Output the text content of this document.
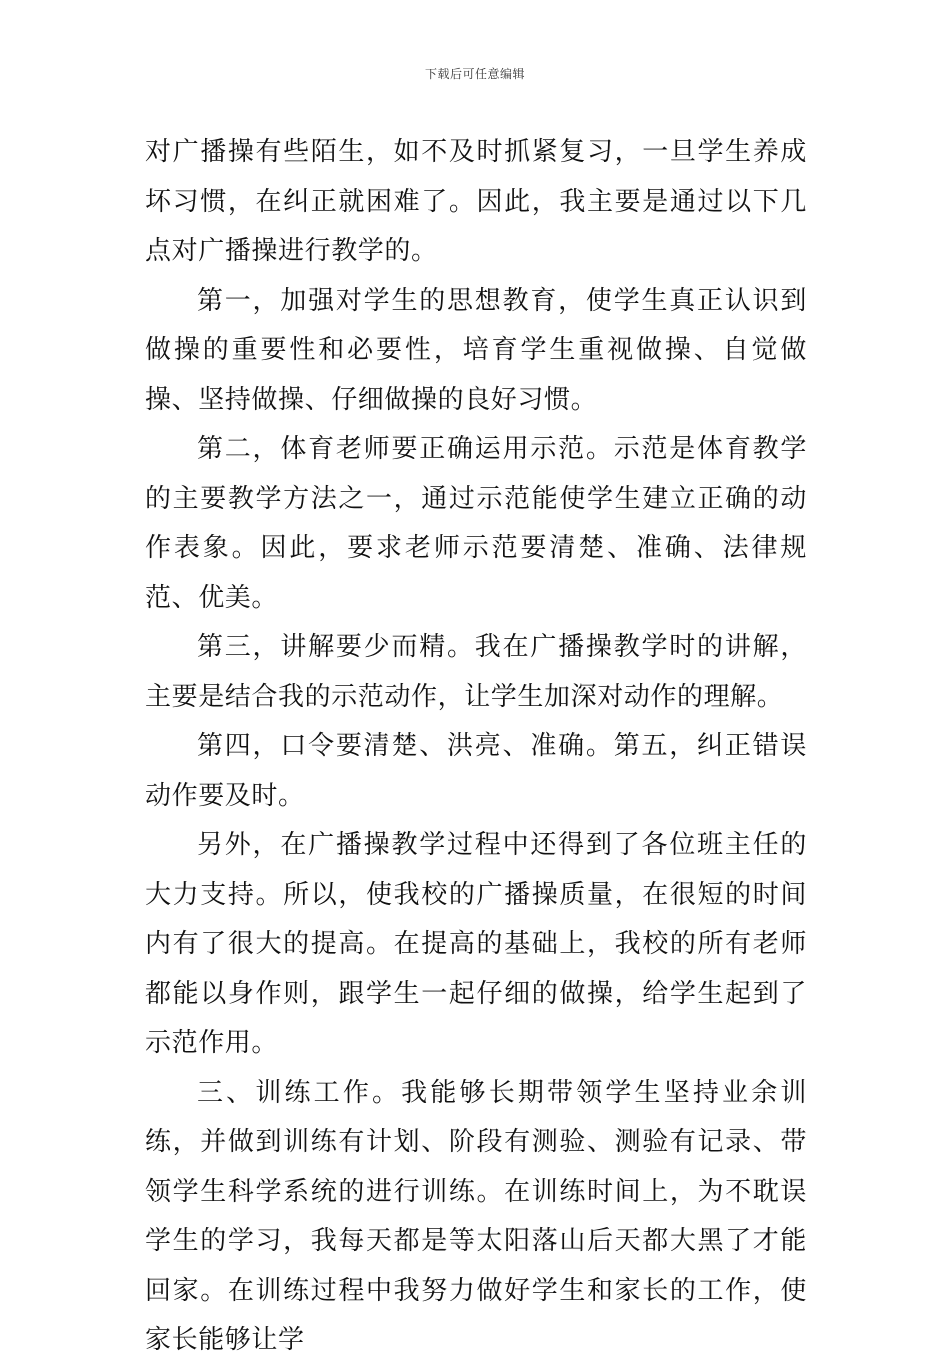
下载后可任意编辑

对广播操有些陌生，如不及时抓紧复习，一旦学生养成坏习惯，在纠正就困难了。因此，我主要是通过以下几点对广播操进行教学的。

第一，加强对学生的思想教育，使学生真正认识到做操的重要性和必要性，培育学生重视做操、自觉做操、坚持做操、仔细做操的良好习惯。

第二，体育老师要正确运用示范。示范是体育教学的主要教学方法之一，通过示范能使学生建立正确的动作表象。因此，要求老师示范要清楚、准确、法律规范、优美。

第三，讲解要少而精。我在广播操教学时的讲解，主要是结合我的示范动作，让学生加深对动作的理解。

第四，口令要清楚、洪亮、准确。第五，纠正错误动作要及时。

另外，在广播操教学过程中还得到了各位班主任的大力支持。所以，使我校的广播操质量，在很短的时间内有了很大的提高。在提高的基础上，我校的所有老师都能以身作则，跟学生一起仔细的做操，给学生起到了示范作用。

三、训练工作。我能够长期带领学生坚持业余训练，并做到训练有计划、阶段有测验、测验有记录、带领学生科学系统的进行训练。在训练时间上，为不耽误学生的学习，我每天都是等太阳落山后天都大黑了才能回家。在训练过程中我努力做好学生和家长的工作，使家长能够让学
